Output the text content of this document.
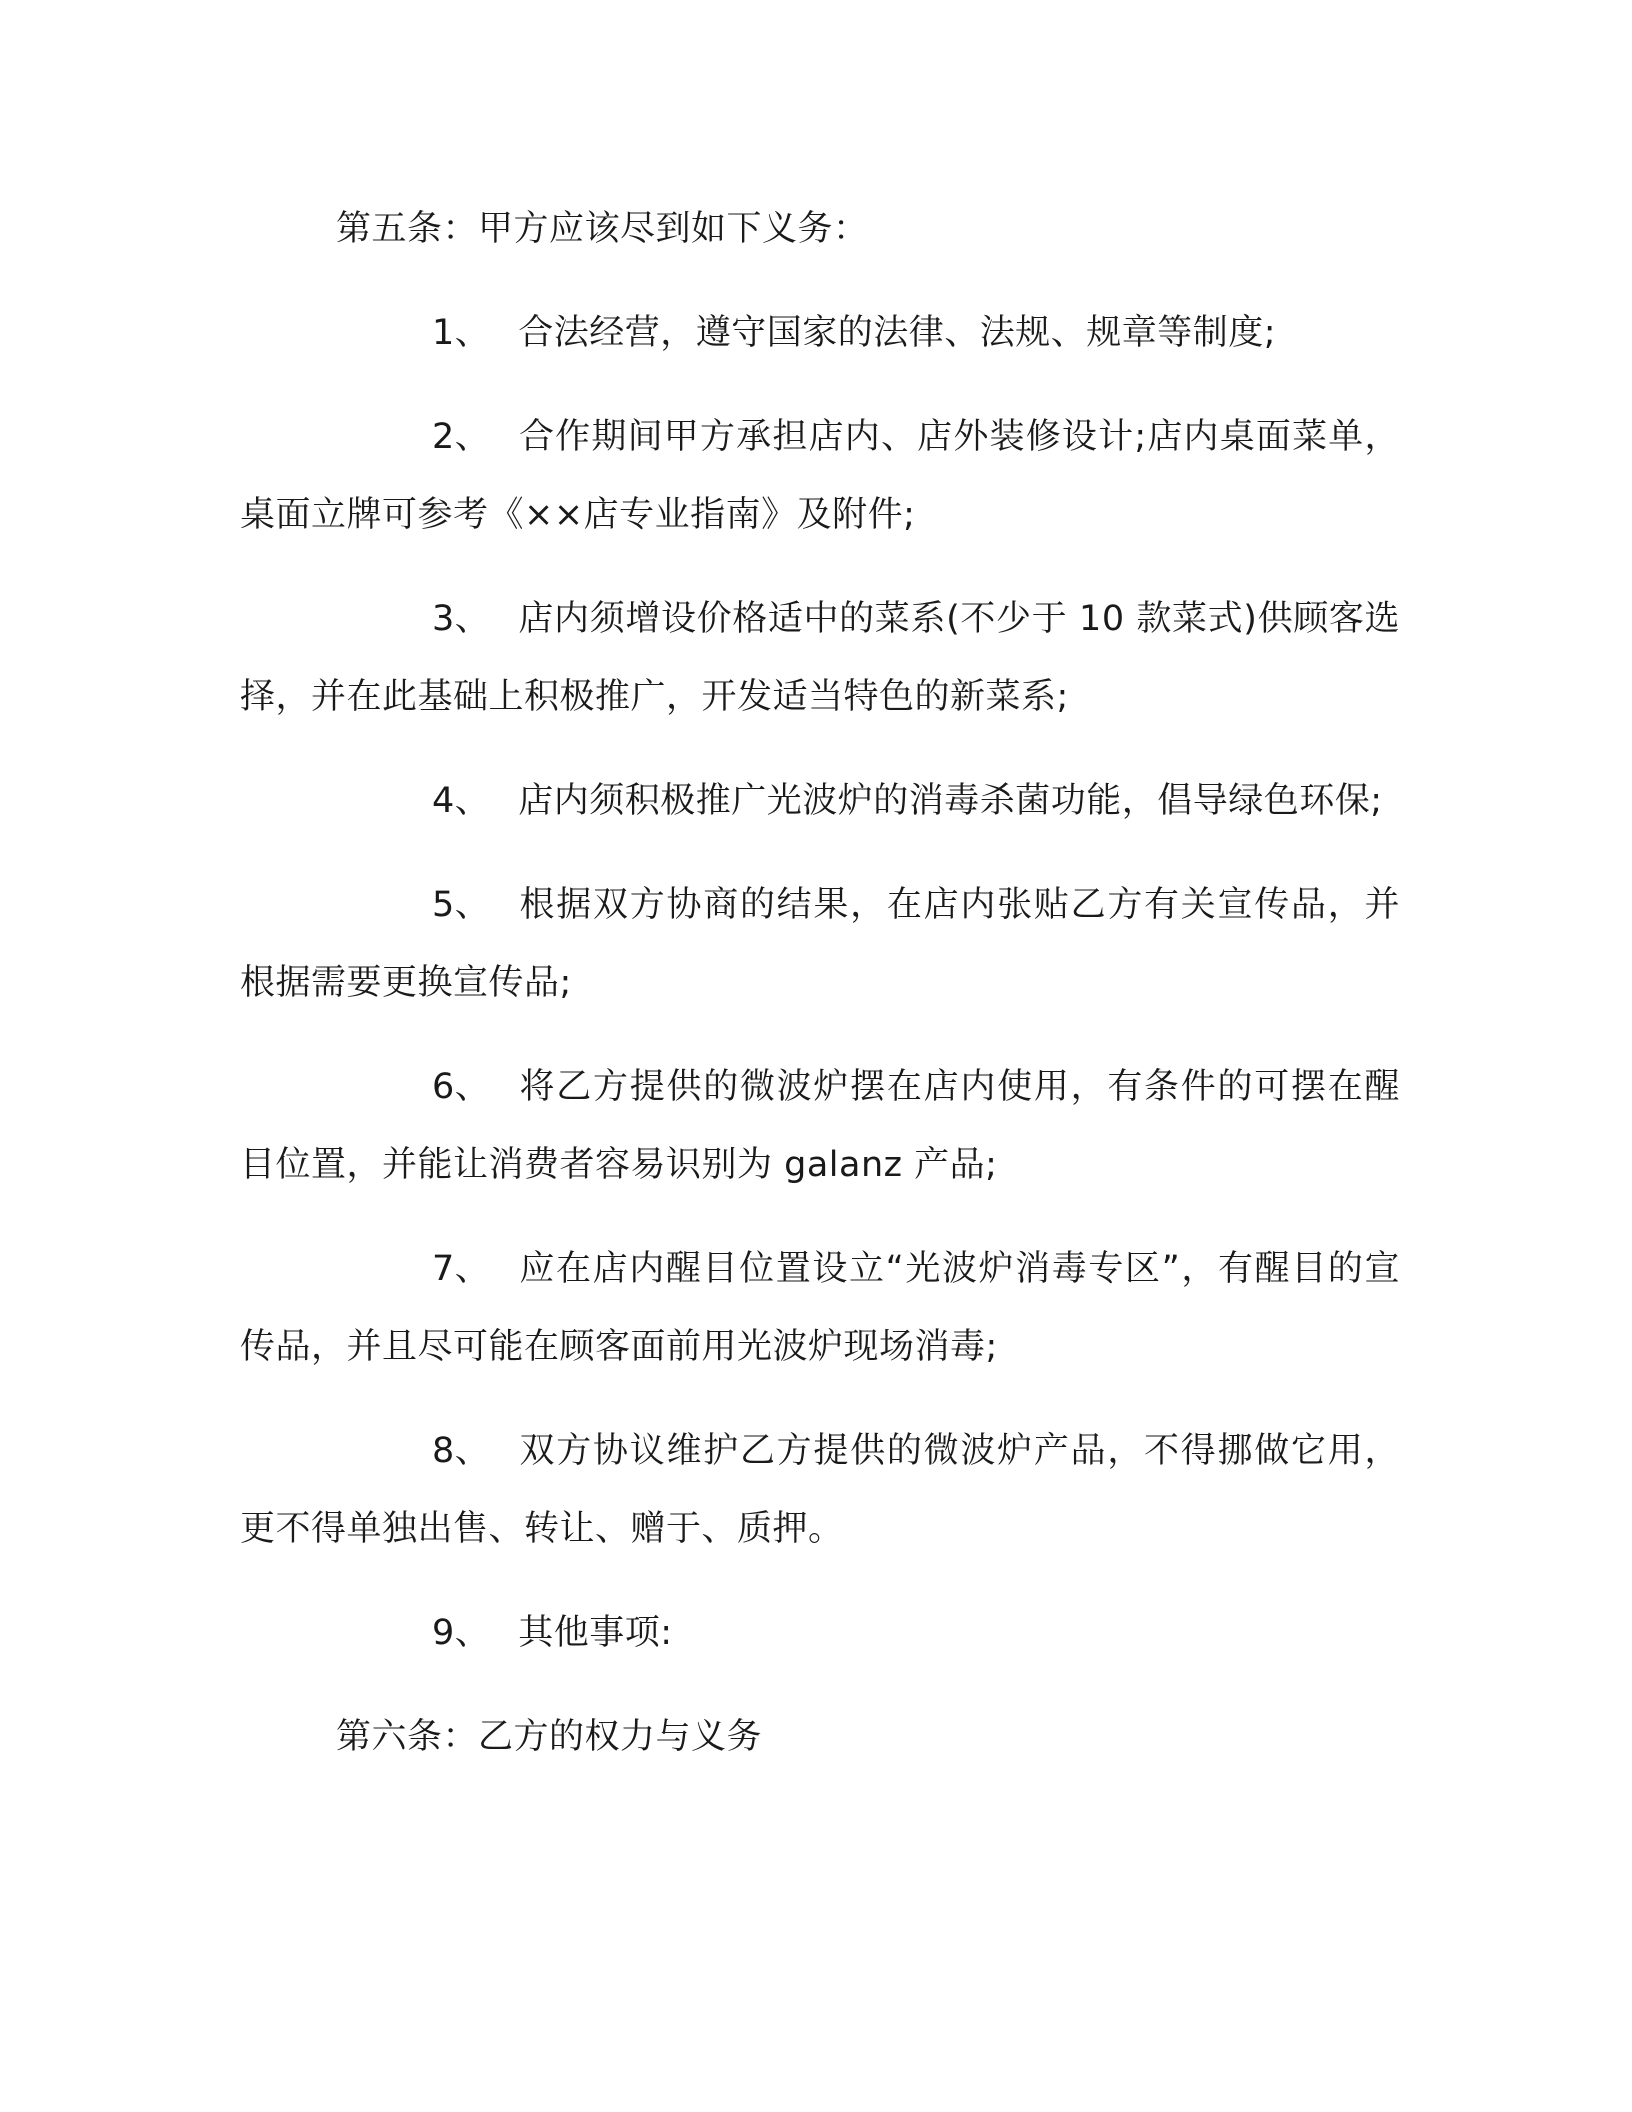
第五条：甲方应该尽到如下义务：

1、 合法经营，遵守国家的法律、法规、规章等制度;

2、 合作期间甲方承担店内、店外装修设计;店内桌面菜单，桌面立牌可参考《××店专业指南》及附件;

3、 店内须增设价格适中的菜系(不少于 10 款菜式)供顾客选择，并在此基础上积极推广，开发适当特色的新菜系;

4、 店内须积极推广光波炉的消毒杀菌功能，倡导绿色环保;

5、 根据双方协商的结果，在店内张贴乙方有关宣传品，并根据需要更换宣传品;

6、 将乙方提供的微波炉摆在店内使用，有条件的可摆在醒目位置，并能让消费者容易识别为 galanz 产品;

7、 应在店内醒目位置设立“光波炉消毒专区”，有醒目的宣传品，并且尽可能在顾客面前用光波炉现场消毒;

8、 双方协议维护乙方提供的微波炉产品，不得挪做它用，更不得单独出售、转让、赠于、质押。

9、 其他事项:

第六条：乙方的权力与义务
